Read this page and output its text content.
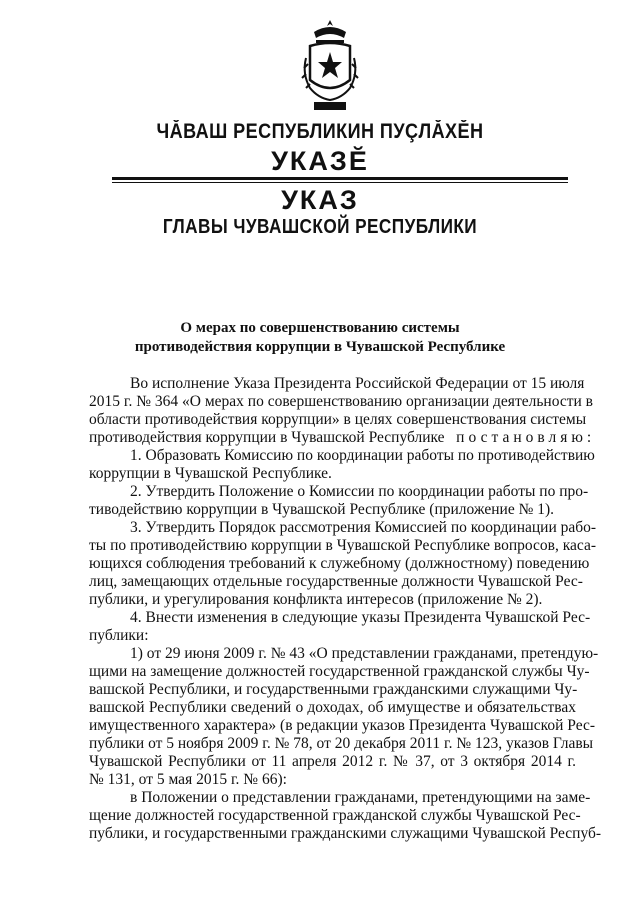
ЧĂВАШ РЕСПУБЛИКИН ПУÇЛĂХĔН
УКАЗĔ
УКАЗ
ГЛАВЫ ЧУВАШСКОЙ РЕСПУБЛИКИ
О мерах по совершенствованию системы
противодействия коррупции в Чувашской Республике
Во исполнение Указа Президента Российской Федерации от 15 июля
2015 г. № 364 «О мерах по совершенствованию организации деятельности в
области противодействия коррупции» в целях совершенствования системы
противодействия коррупции в Чувашской Республике постановляю:
1. Образовать Комиссию по координации работы по противодействию
коррупции в Чувашской Республике.
2. Утвердить Положение о Комиссии по координации работы по про-
тиводействию коррупции в Чувашской Республике (приложение № 1).
3. Утвердить Порядок рассмотрения Комиссией по координации рабо-
ты по противодействию коррупции в Чувашской Республике вопросов, каса-
ющихся соблюдения требований к служебному (должностному) поведению
лиц, замещающих отдельные государственные должности Чувашской Рес-
публики, и урегулирования конфликта интересов (приложение № 2).
4. Внести изменения в следующие указы Президента Чувашской Рес-
публики:
1) от 29 июня 2009 г. № 43 «О представлении гражданами, претендую-
щими на замещение должностей государственной гражданской службы Чу-
вашской Республики, и государственными гражданскими служащими Чу-
вашской Республики сведений о доходах, об имуществе и обязательствах
имущественного характера» (в редакции указов Президента Чувашской Рес-
публики от 5 ноября 2009 г. № 78, от 20 декабря 2011 г. № 123, указов Главы
Чувашской Республики от 11 апреля 2012 г. № 37, от 3 октября 2014 г.
№ 131, от 5 мая 2015 г. № 66):
в Положении о представлении гражданами, претендующими на заме-
щение должностей государственной гражданской службы Чувашской Рес-
публики, и государственными гражданскими служащими Чувашской Респуб-
